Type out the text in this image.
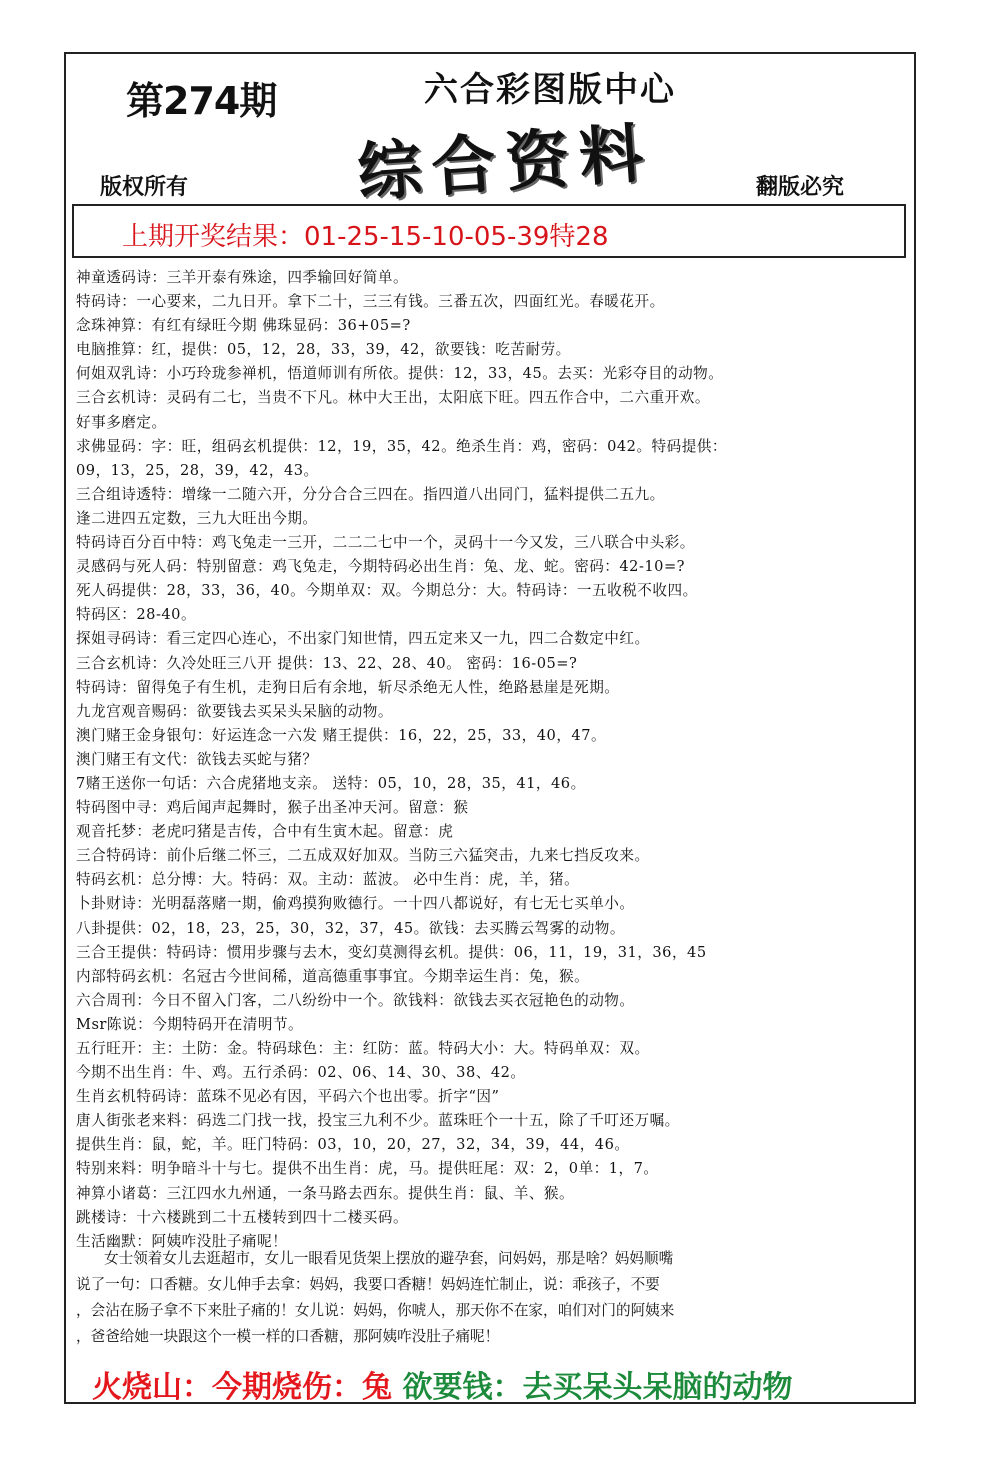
第274期	六合彩图版中心
综合资料
版权所有	翻版必究
上期开奖结果：01-25-15-10-05-39特28
神童透码诗：三羊开泰有殊途，四季输回好简单。
特码诗：一心要来，二九日开。拿下二十，三三有钱。三番五次，四面红光。春暖花开。
念珠神算：有红有绿旺今期 佛珠显码：36+05=?
电脑推算：红，提供：05，12，28，33，39，42，欲要钱：吃苦耐劳。
何姐双乳诗：小巧玲珑参禅机，悟道师训有所依。提供：12，33，45。去买：光彩夺目的动物。
三合玄机诗：灵码有二七，当贵不下凡。林中大王出，太阳底下旺。四五作合中，二六重开欢。
好事多磨定。
求佛显码：字：旺，组码玄机提供：12，19，35，42。绝杀生肖：鸡，密码：042。特码提供：
09，13，25，28，39，42，43。
三合组诗透特：增缘一二随六开，分分合合三四在。指四道八出同门，猛料提供二五九。
逢二进四五定数，三九大旺出今期。
特码诗百分百中特：鸡飞兔走一三开，二二二七中一个，灵码十一今又发，三八联合中头彩。
灵感码与死人码：特别留意：鸡飞兔走，今期特码必出生肖：兔、龙、蛇。密码：42-10=?
死人码提供：28，33，36，40。今期单双：双。今期总分：大。特码诗：一五收税不收四。
特码区：28-40。
探姐寻码诗：看三定四心连心，不出家门知世情，四五定来又一九，四二合数定中红。
三合玄机诗：久冷处旺三八开 提供：13、22、28、40。 密码：16-05=?
特码诗：留得兔子有生机，走狗日后有余地，斩尽杀绝无人性，绝路悬崖是死期。
九龙宫观音赐码：欲要钱去买呆头呆脑的动物。
澳门赌王金身银句：好运连念一六发 赌王提供：16，22，25，33，40，47。
澳门赌王有文代：欲钱去买蛇与猪？
7赌王送你一句话：六合虎猪地支亲。 送特：05，10，28，35，41，46。
特码图中寻：鸡后闻声起舞时，猴子出圣冲天河。留意：猴
观音托梦：老虎叼猪是吉传，合中有生寅木起。留意：虎
三合特码诗：前仆后继二怀三，二五成双好加双。当防三六猛突击，九来七挡反攻来。
特码玄机：总分博：大。特码：双。主动：蓝波。 必中生肖：虎，羊，猪。
卜卦财诗：光明磊落赌一期，偷鸡摸狗败德行。一十四八都说好，有七无七买单小。
八卦提供：02，18，23，25，30，32，37，45。欲钱：去买腾云驾雾的动物。
三合王提供：特码诗：惯用步骤与去木，变幻莫测得玄机。提供：06，11，19，31，36，45
内部特码玄机：名冠古今世间稀，道高德重事事宜。今期幸运生肖：兔，猴。
六合周刊：今日不留入门客，二八纷纷中一个。欲钱料：欲钱去买衣冠艳色的动物。
Msr陈说：今期特码开在清明节。
五行旺开：主：土防：金。特码球色：主：红防：蓝。特码大小：大。特码单双：双。
今期不出生肖：牛、鸡。五行杀码：02、06、14、30、38、42。
生肖玄机特码诗：蓝珠不见必有因，平码六个也出零。折字“因”
唐人街张老来料：码选二门找一找，投宝三九利不少。蓝珠旺个一十五，除了千叮还万嘱。
提供生肖：鼠，蛇，羊。旺门特码：03，10，20，27，32，34，39，44，46。
特别来料：明争暗斗十与七。提供不出生肖：虎，马。提供旺尾：双：2，0单：1，7。
神算小诸葛：三江四水九州通，一条马路去西东。提供生肖：鼠、羊、猴。
跳楼诗：十六楼跳到二十五楼转到四十二楼买码。
生活幽默：阿姨咋没肚子痛呢！
女士领着女儿去逛超市，女儿一眼看见货架上摆放的避孕套，问妈妈，那是啥？妈妈顺嘴
说了一句：口香糖。女儿伸手去拿：妈妈，我要口香糖！妈妈连忙制止，说：乖孩子，不要
，会沾在肠子拿不下来肚子痛的！女儿说：妈妈，你唬人，那天你不在家，咱们对门的阿姨来
，爸爸给她一块跟这个一模一样的口香糖，那阿姨咋没肚子痛呢！
火烧山：今期烧伤：兔 欲要钱：去买呆头呆脑的动物
